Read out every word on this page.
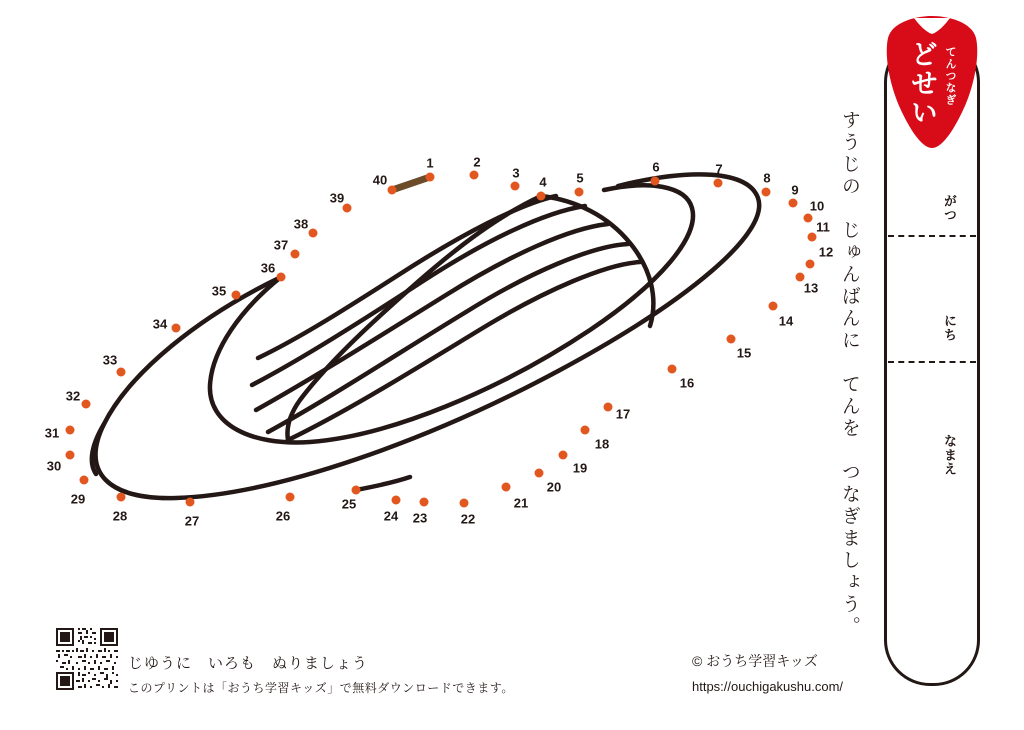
1	2
3
4 5
6	7
8
9
10
11
12
13
14
15
16
17
18
19
20
21
22
23
24
25
26
27
28
29
30
31
32
33
34
35
36
37
38
39
40	すうじの　じゅんばんに　てんを　つなぎましょう。	がつ
にち
なまえ
どせい てんつなぎ
じゆうに　いろも　ぬりましょう
このプリントは「おうち学習キッズ」で無料ダウンロードできます。
© おうち学習キッズ
https://ouchigakushu.com/
